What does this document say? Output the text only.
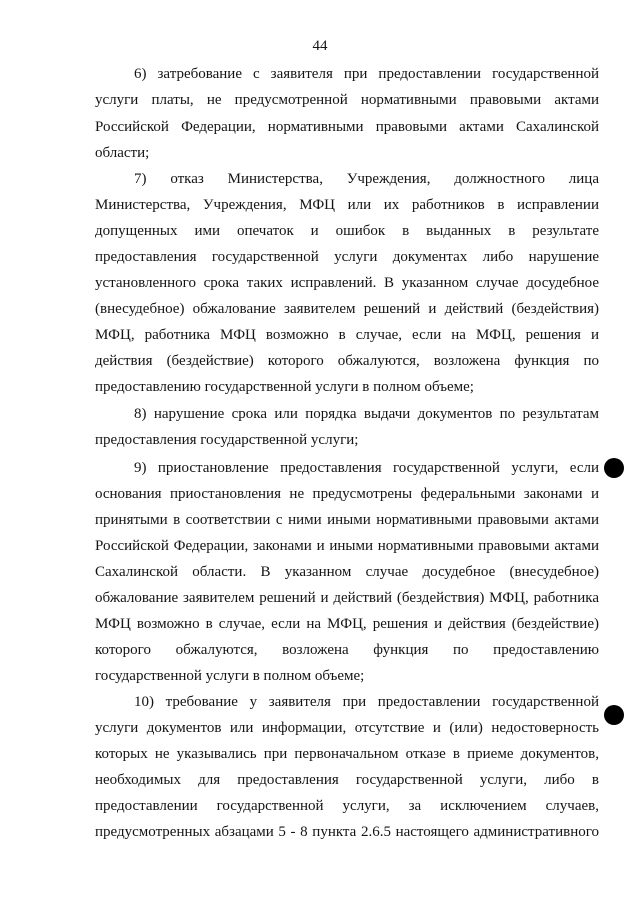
44
6) затребование с заявителя при предоставлении государственной
услуги платы, не предусмотренной нормативными правовыми актами
Российской Федерации, нормативными правовыми актами Сахалинской
области;
7) отказ Министерства, Учреждения, должностного лица
Министерства, Учреждения, МФЦ или их работников в исправлении
допущенных ими опечаток и ошибок в выданных в результате
предоставления государственной услуги документах либо нарушение
установленного срока таких исправлений. В указанном случае досудебное
(внесудебное) обжалование заявителем решений и действий (бездействия)
МФЦ, работника МФЦ возможно в случае, если на МФЦ, решения и
действия (бездействие) которого обжалуются, возложена функция по
предоставлению государственной услуги в полном объеме;
8) нарушение срока или порядка выдачи документов по результатам
предоставления государственной услуги;
9) приостановление предоставления государственной услуги, если
основания приостановления не предусмотрены федеральными законами и
принятыми в соответствии с ними иными нормативными правовыми актами
Российской Федерации, законами и иными нормативными правовыми актами
Сахалинской области. В указанном случае досудебное (внесудебное)
обжалование заявителем решений и действий (бездействия) МФЦ, работника
МФЦ возможно в случае, если на МФЦ, решения и действия (бездействие)
которого обжалуются, возложена функция по предоставлению
государственной услуги в полном объеме;
10) требование у заявителя при предоставлении государственной
услуги документов или информации, отсутствие и (или) недостоверность
которых не указывались при первоначальном отказе в приеме документов,
необходимых для предоставления государственной услуги, либо в
предоставлении государственной услуги, за исключением случаев,
предусмотренных абзацами 5 - 8 пункта 2.6.5 настоящего административного
